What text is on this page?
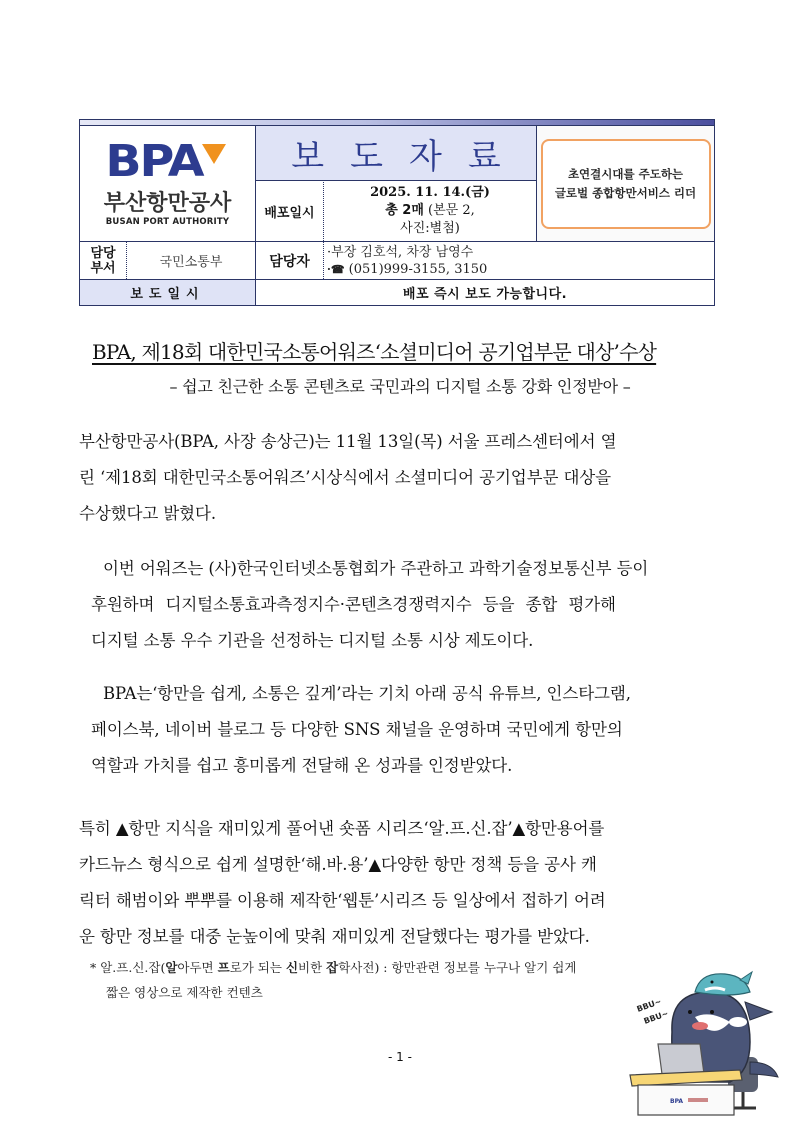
BPA
부산항만공사
BUSAN PORT AUTHORITY
보도자료	초연결시대를 주도하는
글로벌 종합항만서비스 리더
배포일시
2025. 11. 14.(금)
총 2매 (본문 2,
사진:별첨)
담당
부서	국민소통부	담당자
·부장 김호석, 차장 남영수
·☎ (051)999-3155, 3150
보도일시	배포 즉시 보도 가능합니다.
BPA, 제18회 대한민국소통어워즈‘소셜미디어 공기업부문 대상’수상
– 쉽고 친근한 소통 콘텐츠로 국민과의 디지털 소통 강화 인정받아 –
부산항만공사(BPA, 사장 송상근)는 11월 13일(목) 서울 프레스센터에서 열
린 ‘제18회 대한민국소통어워즈’시상식에서 소셜미디어 공기업부문 대상을
수상했다고 밝혔다.
이번 어워즈는 (사)한국인터넷소통협회가 주관하고 과학기술정보통신부 등이
후원하며 디지털소통효과측정지수·콘텐츠경쟁력지수 등을 종합 평가해
디지털 소통 우수 기관을 선정하는 디지털 소통 시상 제도이다.
BPA는‘항만을 쉽게, 소통은 깊게’라는 기치 아래 공식 유튜브, 인스타그램,
페이스북, 네이버 블로그 등 다양한 SNS 채널을 운영하며 국민에게 항만의
역할과 가치를 쉽고 흥미롭게 전달해 온 성과를 인정받았다.
특히 ▲항만 지식을 재미있게 풀어낸 숏폼 시리즈‘알.프.신.잡’▲항만용어를
카드뉴스 형식으로 쉽게 설명한‘해.바.용’▲다양한 항만 정책 등을 공사 캐
릭터 해범이와 뿌뿌를 이용해 제작한‘웹툰’시리즈 등 일상에서 접하기 어려
운 항만 정보를 대중 눈높이에 맞춰 재미있게 전달했다는 평가를 받았다.
* 알.프.신.잡(알아두면 프로가 되는 신비한 잡학사전) : 항만관련 정보를 누구나 알기 쉽게
짧은 영상으로 제작한 컨텐츠
BBU~
BBU~
BPA
- 1 -
